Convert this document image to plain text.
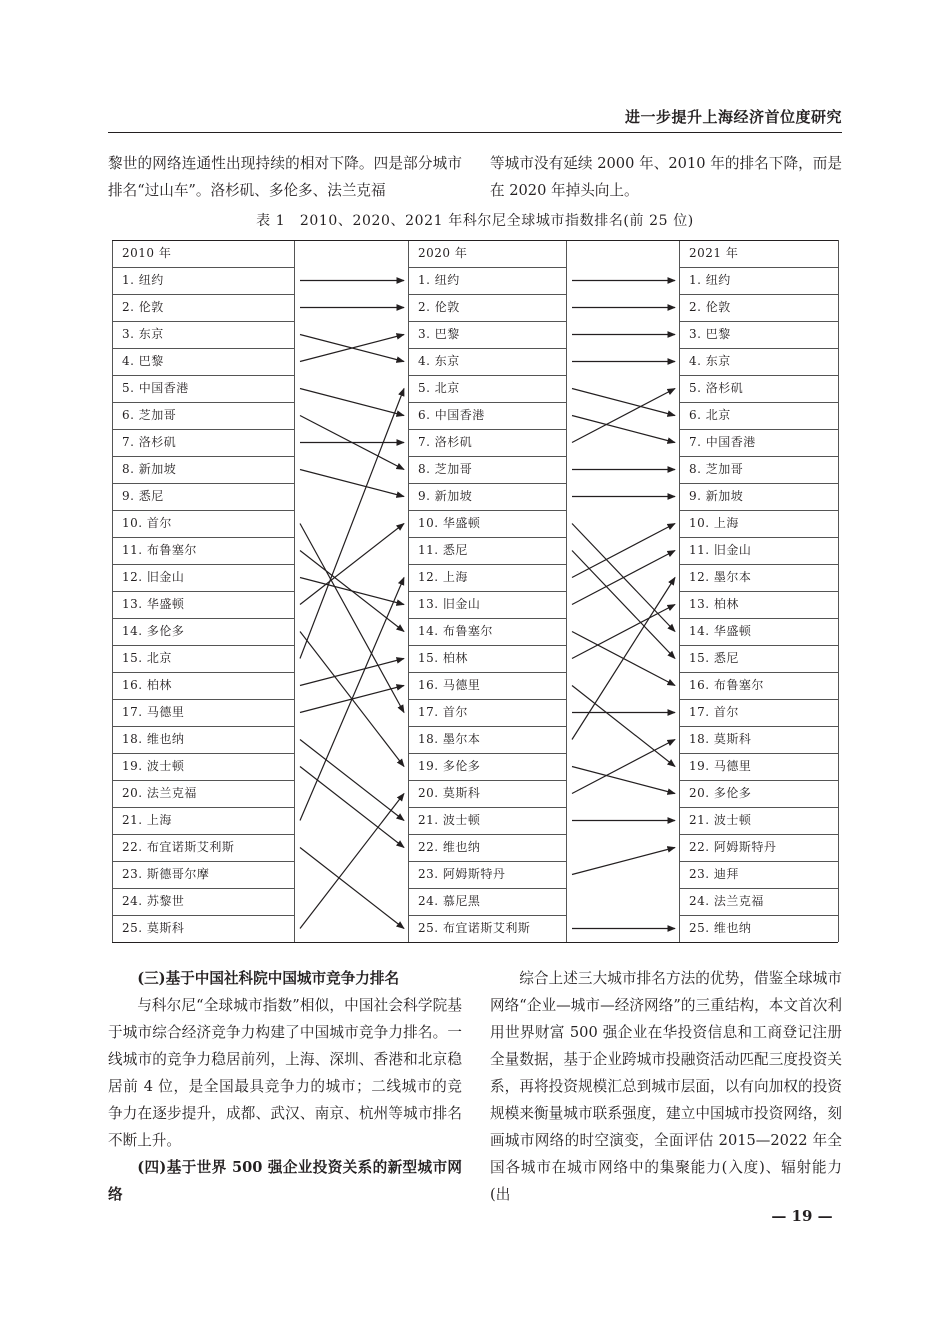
进一步提升上海经济首位度研究

黎世的网络连通性出现持续的相对下降。四是部分城市排名“过山车”。洛杉矶、多伦多、法兰克福

等城市没有延续 2000 年、2010 年的排名下降，而是在 2020 年掉头向上。

表 1　2010、2020、2021 年科尔尼全球城市指数排名(前 25 位)
2010 年
1. 纽约
2. 伦敦
3. 东京
4. 巴黎
5. 中国香港
6. 芝加哥
7. 洛杉矶
8. 新加坡
9. 悉尼
10. 首尔
11. 布鲁塞尔
12. 旧金山
13. 华盛顿
14. 多伦多
15. 北京
16. 柏林
17. 马德里
18. 维也纳
19. 波士顿
20. 法兰克福
21. 上海
22. 布宜诺斯艾利斯
23. 斯德哥尔摩
24. 苏黎世
25. 莫斯科
2020 年
1. 纽约
2. 伦敦
3. 巴黎
4. 东京
5. 北京
6. 中国香港
7. 洛杉矶
8. 芝加哥
9. 新加坡
10. 华盛顿
11. 悉尼
12. 上海
13. 旧金山
14. 布鲁塞尔
15. 柏林
16. 马德里
17. 首尔
18. 墨尔本
19. 多伦多
20. 莫斯科
21. 波士顿
22. 维也纳
23. 阿姆斯特丹
24. 慕尼黑
25. 布宜诺斯艾利斯
2021 年
1. 纽约
2. 伦敦
3. 巴黎
4. 东京
5. 洛杉矶
6. 北京
7. 中国香港
8. 芝加哥
9. 新加坡
10. 上海
11. 旧金山
12. 墨尔本
13. 柏林
14. 华盛顿
15. 悉尼
16. 布鲁塞尔
17. 首尔
18. 莫斯科
19. 马德里
20. 多伦多
21. 波士顿
22. 阿姆斯特丹
23. 迪拜
24. 法兰克福
25. 维也纳

(三)基于中国社科院中国城市竞争力排名

与科尔尼“全球城市指数”相似，中国社会科学院基于城市综合经济竞争力构建了中国城市竞争力排名。一线城市的竞争力稳居前列，上海、深圳、香港和北京稳居前 4 位，是全国最具竞争力的城市；二线城市的竞争力在逐步提升，成都、武汉、南京、杭州等城市排名不断上升。

(四)基于世界 500 强企业投资关系的新型城市网络

综合上述三大城市排名方法的优势，借鉴全球城市网络“企业—城市—经济网络”的三重结构，本文首次利用世界财富 500 强企业在华投资信息和工商登记注册全量数据，基于企业跨城市投融资活动匹配三度投资关系，再将投资规模汇总到城市层面，以有向加权的投资规模来衡量城市联系强度，建立中国城市投资网络，刻画城市网络的时空演变，全面评估 2015—2022 年全国各城市在城市网络中的集聚能力(入度)、辐射能力(出

— 19 —
